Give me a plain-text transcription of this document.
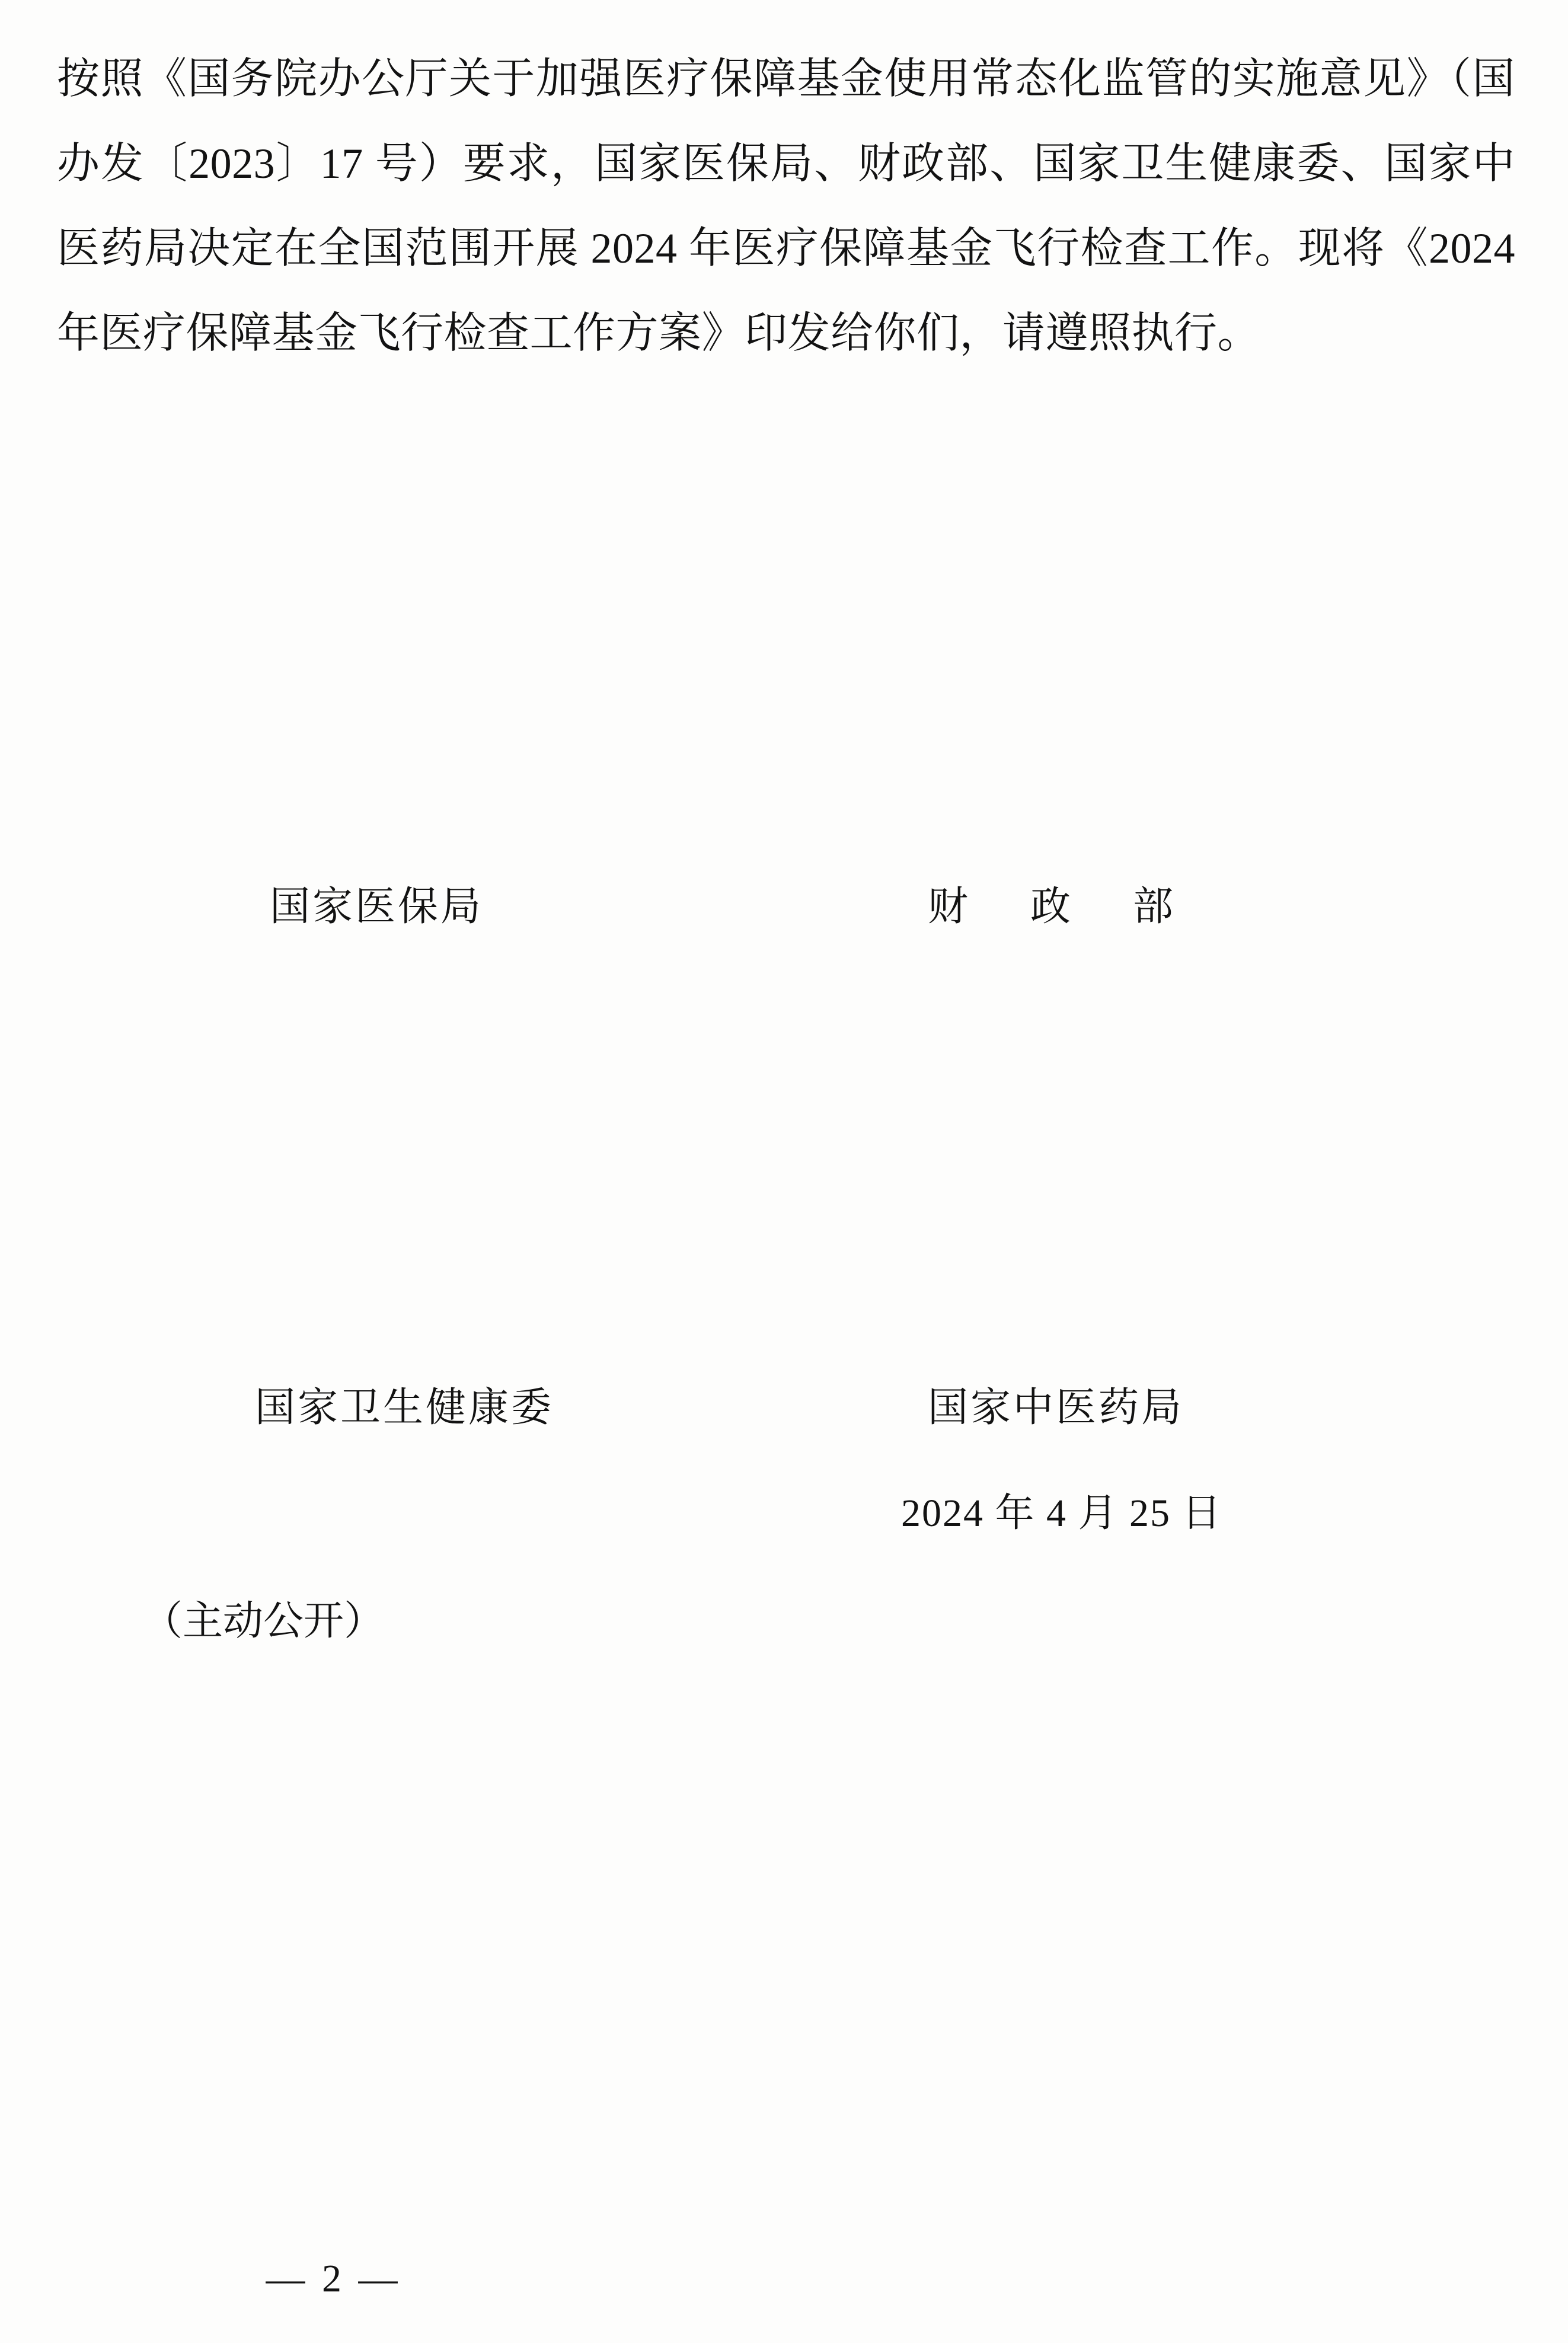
按照《国务院办公厅关于加强医疗保障基金使用常态化监管的实施意见》（国办发〔2023〕17 号）要求，国家医保局、财政部、国家卫生健康委、国家中医药局决定在全国范围开展 2024 年医疗保障基金飞行检查工作。现将《2024 年医疗保障基金飞行检查工作方案》印发给你们，请遵照执行。

国家医保局	财 政 部
国家卫生健康委	国家中医药局
2024 年 4 月 25 日
（主动公开）
— 2 —
